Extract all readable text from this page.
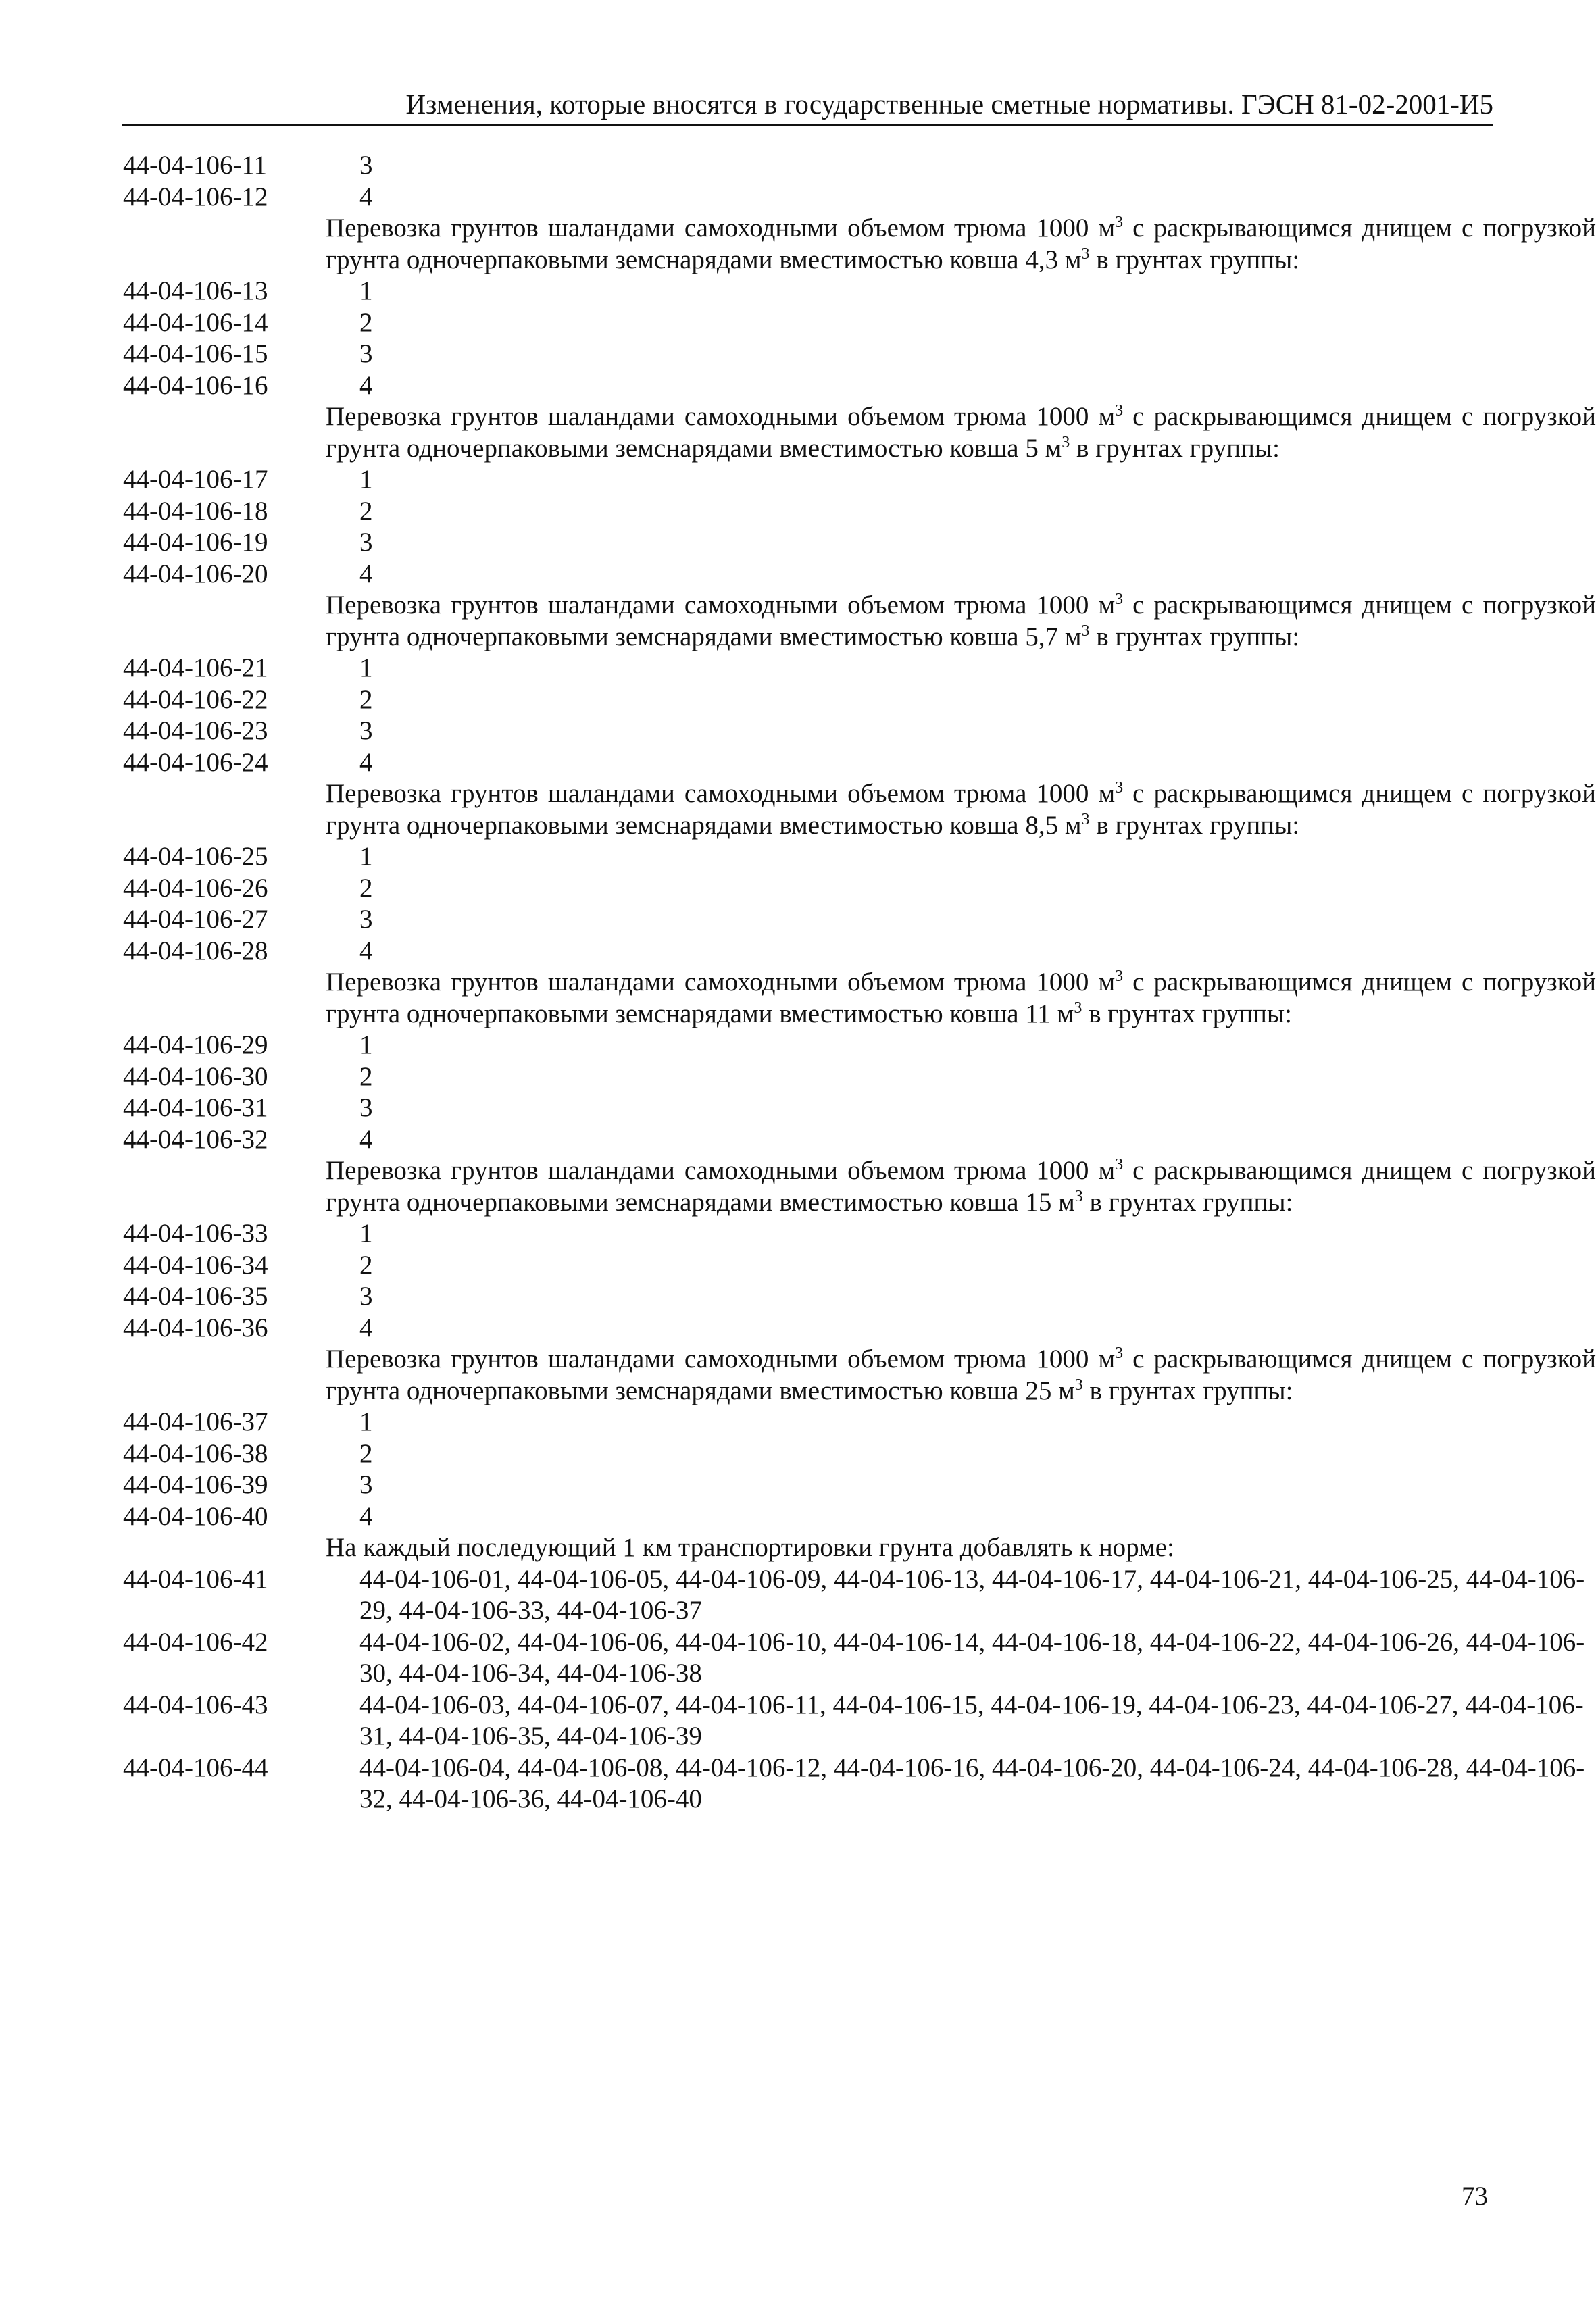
Изменения, которые вносятся в государственные сметные нормативы. ГЭСН 81-02-2001-И5
44-04-106-11	3
44-04-106-12	4
Перевозка грунтов шаландами самоходными объемом трюма 1000 $м^3$ с раскрывающимся днищем с погрузкой грунта одночерпаковыми земснарядами вместимостью ковша 4,3 $м^3$ в грунтах группы:
44-04-106-13	1
44-04-106-14	2
44-04-106-15	3
44-04-106-16	4
Перевозка грунтов шаландами самоходными объемом трюма 1000 $м^3$ с раскрывающимся днищем с погрузкой грунта одночерпаковыми земснарядами вместимостью ковша 5 $м^3$ в грунтах группы:
44-04-106-17	1
44-04-106-18	2
44-04-106-19	3
44-04-106-20	4
Перевозка грунтов шаландами самоходными объемом трюма 1000 $м^3$ с раскрывающимся днищем с погрузкой грунта одночерпаковыми земснарядами вместимостью ковша 5,7 $м^3$ в грунтах группы:
44-04-106-21	1
44-04-106-22	2
44-04-106-23	3
44-04-106-24	4
Перевозка грунтов шаландами самоходными объемом трюма 1000 $м^3$ с раскрывающимся днищем с погрузкой грунта одночерпаковыми земснарядами вместимостью ковша 8,5 $м^3$ в грунтах группы:
44-04-106-25	1
44-04-106-26	2
44-04-106-27	3
44-04-106-28	4
Перевозка грунтов шаландами самоходными объемом трюма 1000 $м^3$ с раскрывающимся днищем с погрузкой грунта одночерпаковыми земснарядами вместимостью ковша 11 $м^3$ в грунтах группы:
44-04-106-29	1
44-04-106-30	2
44-04-106-31	3
44-04-106-32	4
Перевозка грунтов шаландами самоходными объемом трюма 1000 $м^3$ с раскрывающимся днищем с погрузкой грунта одночерпаковыми земснарядами вместимостью ковша 15 $м^3$ в грунтах группы:
44-04-106-33	1
44-04-106-34	2
44-04-106-35	3
44-04-106-36	4
Перевозка грунтов шаландами самоходными объемом трюма 1000 $м^3$ с раскрывающимся днищем с погрузкой грунта одночерпаковыми земснарядами вместимостью ковша 25 $м^3$ в грунтах группы:
44-04-106-37	1
44-04-106-38	2
44-04-106-39	3
44-04-106-40	4
На каждый последующий 1 км транспортировки грунта добавлять к норме:
44-04-106-41	44-04-106-01, 44-04-106-05, 44-04-106-09, 44-04-106-13, 44-04-106-17, 44-04-106-21, 44-04-106-25, 44-04-106-29, 44-04-106-33, 44-04-106-37
44-04-106-42	44-04-106-02, 44-04-106-06, 44-04-106-10, 44-04-106-14, 44-04-106-18, 44-04-106-22, 44-04-106-26, 44-04-106-30, 44-04-106-34, 44-04-106-38
44-04-106-43	44-04-106-03, 44-04-106-07, 44-04-106-11, 44-04-106-15, 44-04-106-19, 44-04-106-23, 44-04-106-27, 44-04-106-31, 44-04-106-35, 44-04-106-39
44-04-106-44	44-04-106-04, 44-04-106-08, 44-04-106-12, 44-04-106-16, 44-04-106-20, 44-04-106-24, 44-04-106-28, 44-04-106-32, 44-04-106-36, 44-04-106-40
73
